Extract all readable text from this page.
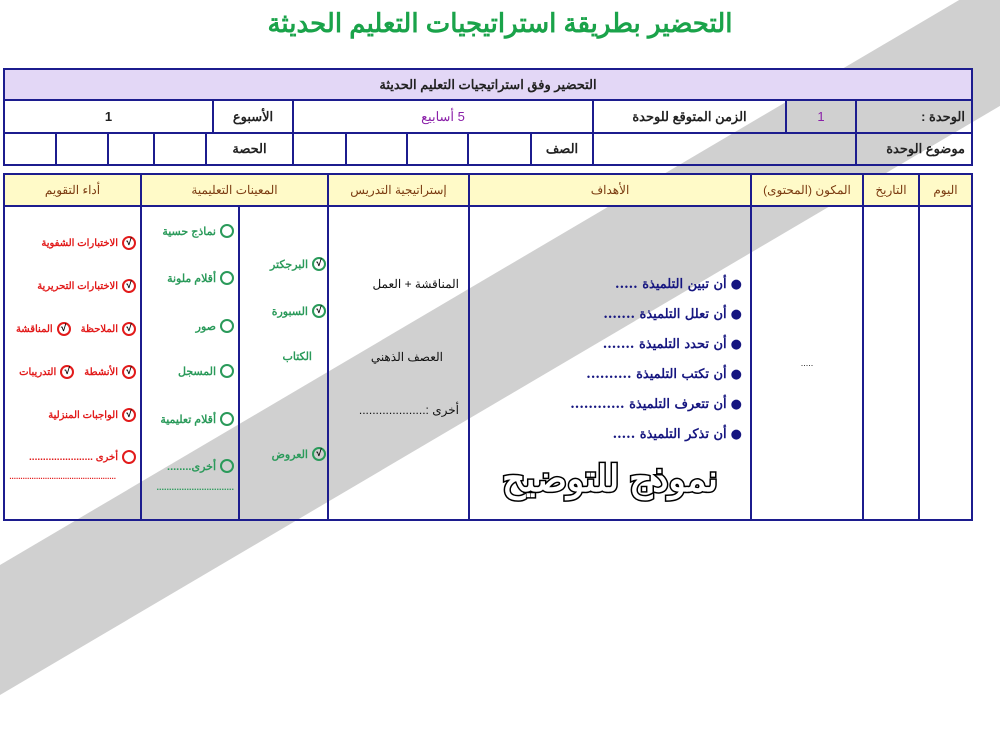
التحضير بطريقة استراتيجيات التعليم الحديثة
التحضير وفق استراتيجيات التعليم الحديثة
الوحدة :
1
الزمن المتوقع للوحدة
5 أسابيع
الأسبوع
1
موضوع الوحدة
الصف
الحصة
اليوم
التاريخ
المكون (المحتوى)
الأهداف
إستراتيجية التدريس
المعينات التعليمية
أداء التقويم
.....
●
أن تبين التلميذة .....
●
أن تعلل التلميذة .......
●
أن تحدد التلميذة .......
●
أن تكتب التلميذة ..........
●
أن تتعرف التلميذة ............
●
أن تذكر التلميذة .....
المناقشة + العمل
العصف الذهني
أخرى :....................
√
البرجكتر
√
السبورة
الكتاب
√
العروض
نماذج حسية
أقلام ملونة
صور
المسجل
أقلام تعليمية
أخرى........
...............................
√
الاختبارات الشفوية
√
الاختبارات التحريرية
√
الملاحظة
√
المناقشة
√
الأنشطة
√
التدريبات
√
الواجبات المنزلية
أخرى .......................
................................................	نموذج للتوضيح
